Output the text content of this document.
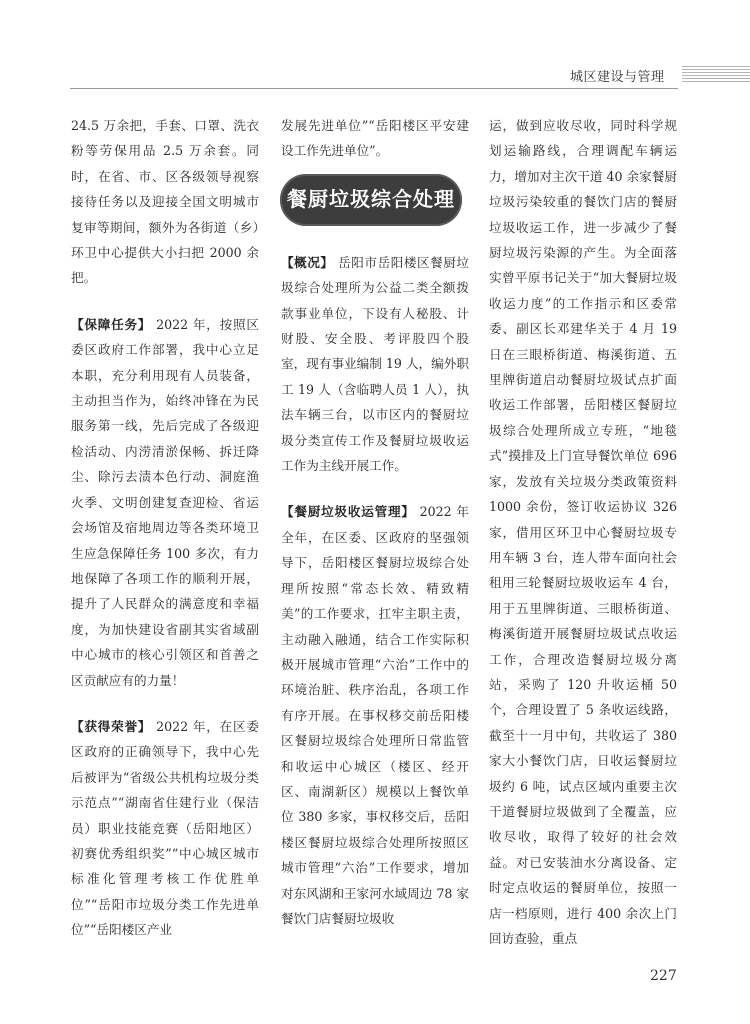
城区建设与管理

24.5 万余把，手套、口罩、洗衣粉等劳保用品 2.5 万余套。同时，在省、市、区各级领导视察接待任务以及迎接全国文明城市复审等期间，额外为各街道（乡）环卫中心提供大小扫把 2000 余把。

【保障任务】 2022 年，按照区委区政府工作部署，我中心立足本职，充分利用现有人员装备，主动担当作为，始终冲锋在为民服务第一线，先后完成了各级迎检活动、内涝清淤保畅、拆迁降尘、除污去渍本色行动、洞庭渔火季、文明创建复查迎检、省运会场馆及宿地周边等各类环境卫生应急保障任务 100 多次，有力地保障了各项工作的顺利开展，提升了人民群众的满意度和幸福度，为加快建设省副其实省域副中心城市的核心引领区和首善之区贡献应有的力量！

【获得荣誉】 2022 年，在区委区政府的正确领导下，我中心先后被评为“省级公共机构垃圾分类示范点”“湖南省住建行业（保洁员）职业技能竞赛（岳阳地区）初赛优秀组织奖”“中心城区城市标准化管理考核工作优胜单位”“岳阳市垃圾分类工作先进单位”“岳阳楼区产业

发展先进单位”“岳阳楼区平安建设工作先进单位”。

餐厨垃圾综合处理

【概况】 岳阳市岳阳楼区餐厨垃圾综合处理所为公益二类全额拨款事业单位，下设有人秘股、计财股、安全股、考评股四个股室，现有事业编制 19 人，编外职工 19 人（含临聘人员 1 人），执法车辆三台，以市区内的餐厨垃圾分类宣传工作及餐厨垃圾收运工作为主线开展工作。

【餐厨垃圾收运管理】 2022 年全年，在区委、区政府的坚强领导下，岳阳楼区餐厨垃圾综合处理所按照“常态长效、精致精美”的工作要求，扛牢主职主责，主动融入融通，结合工作实际积极开展城市管理“六治”工作中的环境治脏、秩序治乱，各项工作有序开展。在事权移交前岳阳楼区餐厨垃圾综合处理所日常监管和收运中心城区（楼区、经开区、南湖新区）规模以上餐饮单位 380 多家，事权移交后，岳阳楼区餐厨垃圾综合处理所按照区城市管理“六治”工作要求，增加对东风湖和王家河水域周边 78 家餐饮门店餐厨垃圾收

运，做到应收尽收，同时科学规划运输路线，合理调配车辆运力，增加对主次干道 40 余家餐厨垃圾污染较重的餐饮门店的餐厨垃圾收运工作，进一步减少了餐厨垃圾污染源的产生。为全面落实曾平原书记关于“加大餐厨垃圾收运力度”的工作指示和区委常委、副区长邓建华关于 4 月 19 日在三眼桥街道、梅溪街道、五里牌街道启动餐厨垃圾试点扩面收运工作部署，岳阳楼区餐厨垃圾综合处理所成立专班，“地毯式”摸排及上门宣导餐饮单位 696 家，发放有关垃圾分类政策资料 1000 余份，签订收运协议 326 家，借用区环卫中心餐厨垃圾专用车辆 3 台，连人带车面向社会租用三轮餐厨垃圾收运车 4 台，用于五里牌街道、三眼桥街道、梅溪街道开展餐厨垃圾试点收运工作，合理改造餐厨垃圾分离站，采购了 120 升收运桶 50 个，合理设置了 5 条收运线路，截至十一月中旬，共收运了 380 家大小餐饮门店，日收运餐厨垃圾约 6 吨，试点区域内重要主次干道餐厨垃圾做到了全覆盖，应收尽收，取得了较好的社会效益。对已安装油水分离设备、定时定点收运的餐厨单位，按照一店一档原则，进行 400 余次上门回访查验，重点

227
